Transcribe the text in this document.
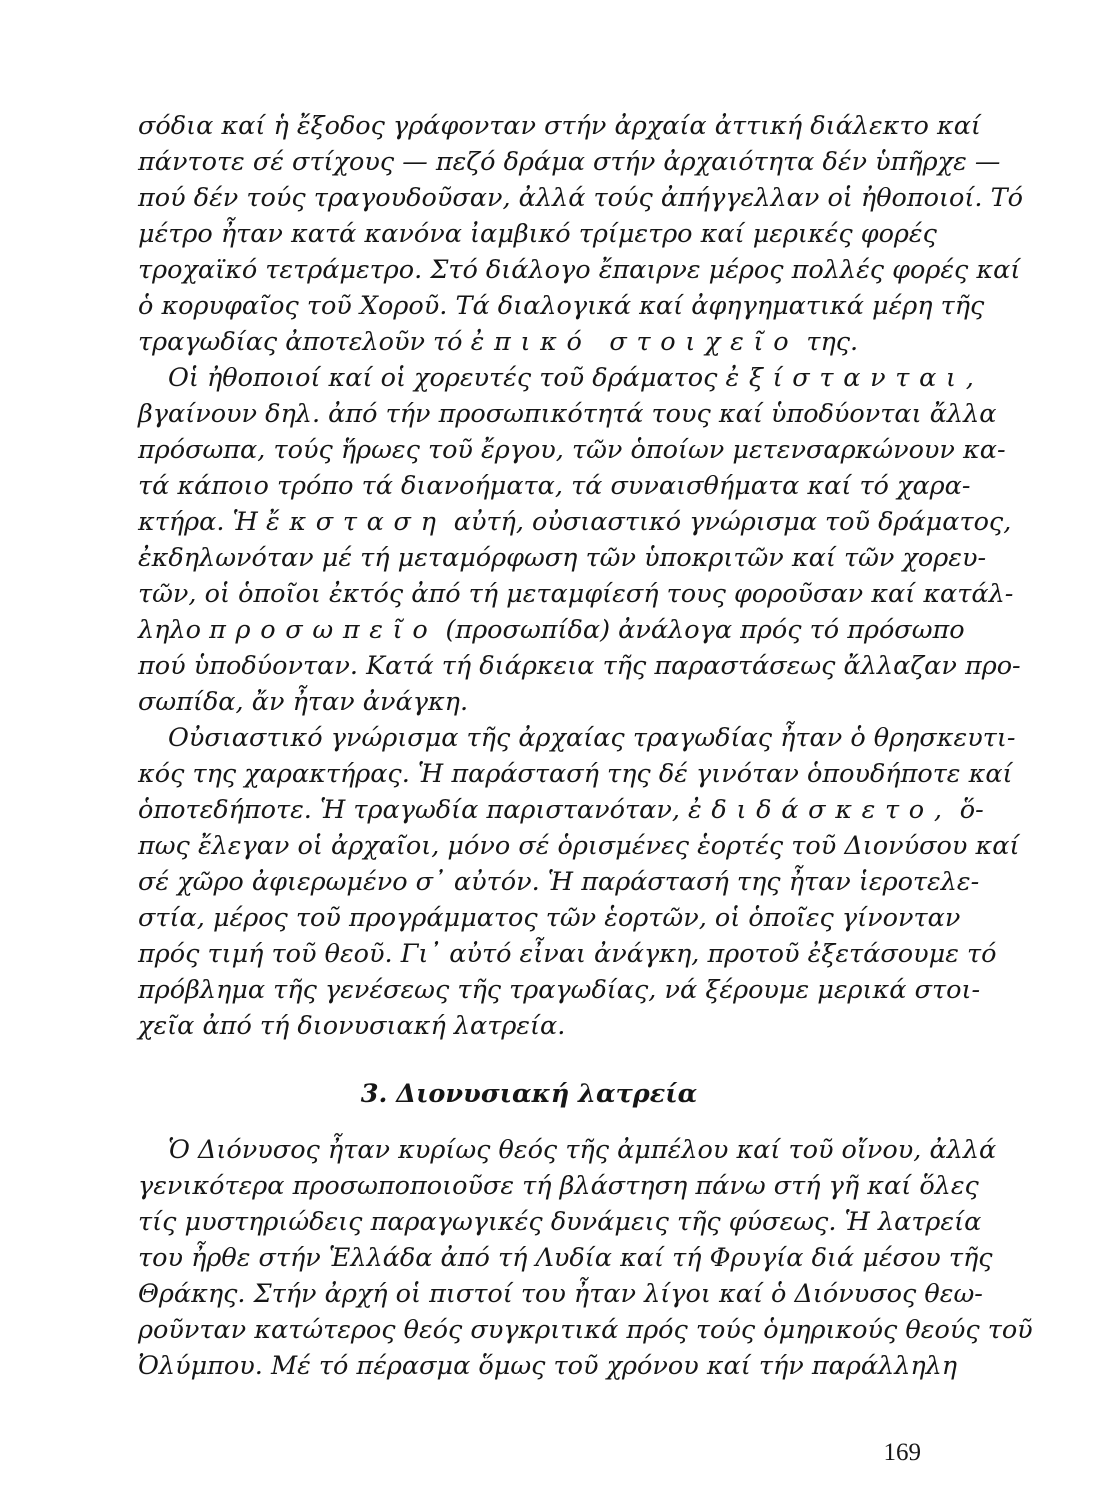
σόδια καί ἡ ἔξοδος γράφονταν στήν ἀρχαία ἀττική διάλεκτο καί
πάντοτε σέ στίχους — πεζό δράμα στήν ἀρχαιότητα δέν ὑπῆρχε —
πού δέν τούς τραγουδοῦσαν, ἀλλά τούς ἀπήγγελλαν οἱ ἠθοποιοί. Τό
μέτρο ἦταν κατά κανόνα ἰαμβικό τρίμετρο καί μερικές φορές
τροχαϊκό τετράμετρο. Στό διάλογο ἔπαιρνε μέρος πολλές φορές καί
ὁ κορυφαῖος τοῦ Χοροῦ. Τά διαλογικά καί ἀφηγηματικά μέρη τῆς
τραγωδίας ἀποτελοῦν τό ἐπικό στοιχεῖο της.
Οἱ ἠθοποιοί καί οἱ χορευτές τοῦ δράματος ἐξίστανται,
βγαίνουν δηλ. ἀπό τήν προσωπικότητά τους καί ὑποδύονται ἄλλα
πρόσωπα, τούς ἥρωες τοῦ ἔργου, τῶν ὁποίων μετενσαρκώνουν κα-
τά κάποιο τρόπο τά διανοήματα, τά συναισθήματα καί τό χαρα-
κτήρα. Ἡ ἔκσταση αὐτή, οὐσιαστικό γνώρισμα τοῦ δράματος,
ἐκδηλωνόταν μέ τή μεταμόρφωση τῶν ὑποκριτῶν καί τῶν χορευ-
τῶν, οἱ ὁποῖοι ἐκτός ἀπό τή μεταμφίεσή τους φοροῦσαν καί κατάλ-
ληλο προσωπεῖο (προσωπίδα) ἀνάλογα πρός τό πρόσωπο
πού ὑποδύονταν. Κατά τή διάρκεια τῆς παραστάσεως ἄλλαζαν προ-
σωπίδα, ἄν ἦταν ἀνάγκη.
Οὐσιαστικό γνώρισμα τῆς ἀρχαίας τραγωδίας ἦταν ὁ θρησκευτι-
κός της χαρακτήρας. Ἡ παράστασή της δέ γινόταν ὁπουδήποτε καί
ὁποτεδήποτε. Ἡ τραγωδία παριστανόταν, ἐδιδάσκετο, ὅ-
πως ἔλεγαν οἱ ἀρχαῖοι, μόνο σέ ὁρισμένες ἑορτές τοῦ Διονύσου καί
σέ χῶρο ἀφιερωμένο σ᾽ αὐτόν. Ἡ παράστασή της ἦταν ἱεροτελε-
στία, μέρος τοῦ προγράμματος τῶν ἑορτῶν, οἱ ὁποῖες γίνονταν
πρός τιμή τοῦ θεοῦ. Γι᾽ αὐτό εἶναι ἀνάγκη, προτοῦ ἐξετάσουμε τό
πρόβλημα τῆς γενέσεως τῆς τραγωδίας, νά ξέρουμε μερικά στοι-
χεῖα ἀπό τή διονυσιακή λατρεία.
3. Διονυσιακή λατρεία
Ὁ Διόνυσος ἦταν κυρίως θεός τῆς ἀμπέλου καί τοῦ οἴνου, ἀλλά
γενικότερα προσωποποιοῦσε τή βλάστηση πάνω στή γῆ καί ὅλες
τίς μυστηριώδεις παραγωγικές δυνάμεις τῆς φύσεως. Ἡ λατρεία
του ἦρθε στήν Ἑλλάδα ἀπό τή Λυδία καί τή Φρυγία διά μέσου τῆς
Θράκης. Στήν ἀρχή οἱ πιστοί του ἦταν λίγοι καί ὁ Διόνυσος θεω-
ροῦνταν κατώτερος θεός συγκριτικά πρός τούς ὁμηρικούς θεούς τοῦ
Ὀλύμπου. Μέ τό πέρασμα ὅμως τοῦ χρόνου καί τήν παράλληλη
169
